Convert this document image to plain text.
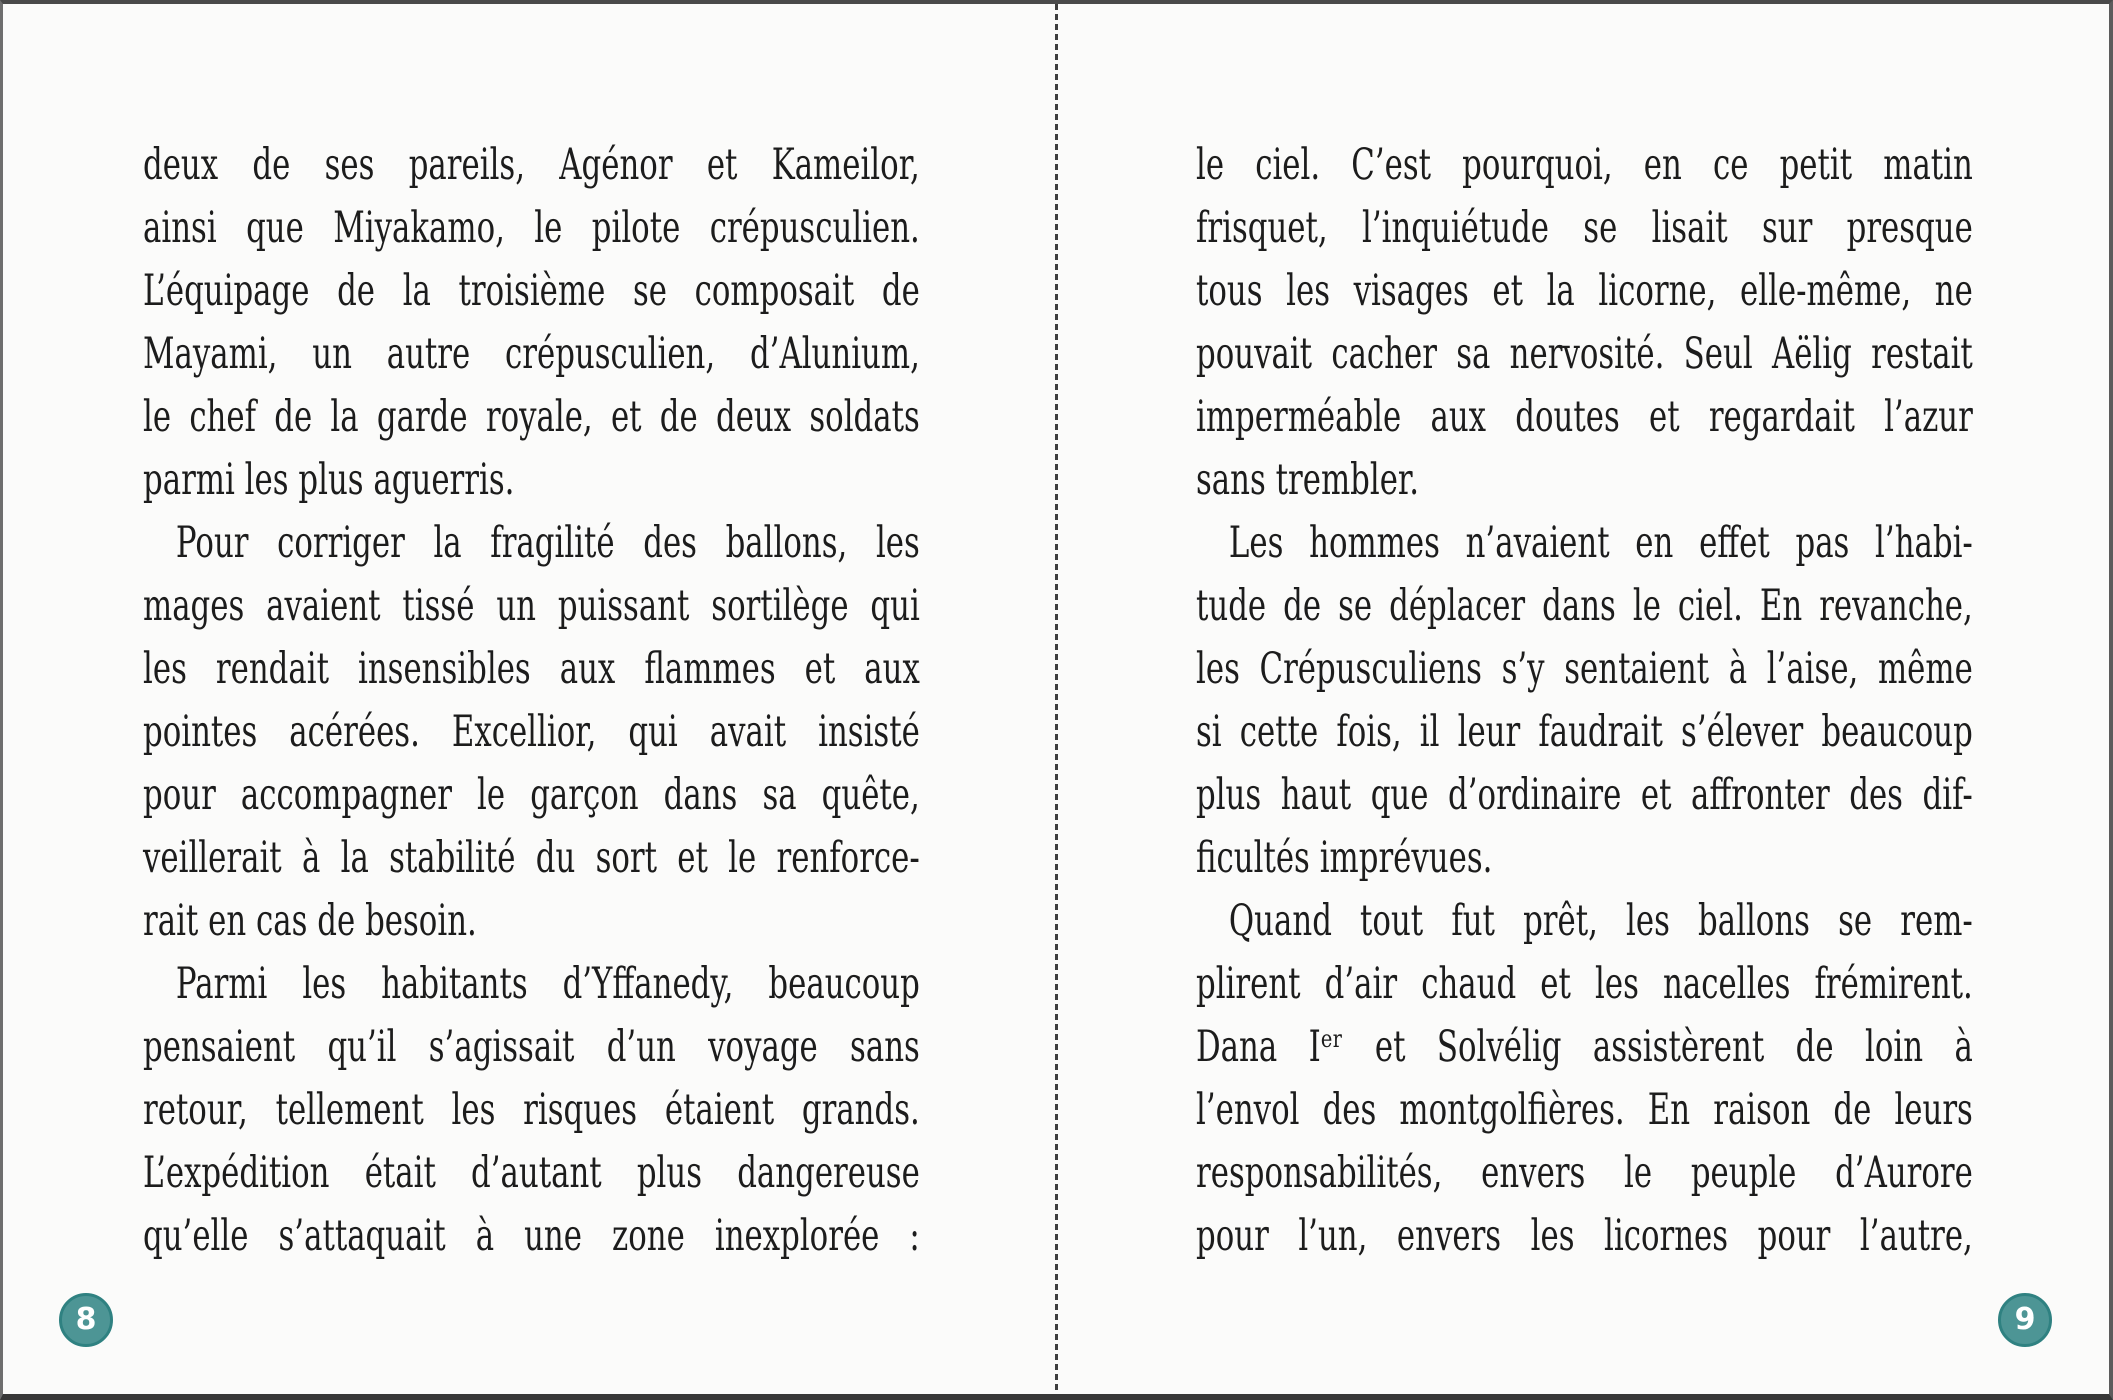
deux de ses pareils, Agénor et Kameilor,
ainsi que Miyakamo, le pilote crépusculien.
L’équipage de la troisième se composait de
Mayami, un autre crépusculien, d’Alunium,
le chef de la garde royale, et de deux soldats
parmi les plus aguerris.
Pour corriger la fragilité des ballons, les
mages avaient tissé un puissant sortilège qui
les rendait insensibles aux flammes et aux
pointes acérées. Excellior, qui avait insisté
pour accompagner le garçon dans sa quête,
veillerait à la stabilité du sort et le renforce-
rait en cas de besoin.
Parmi les habitants d’Yffanedy, beaucoup
pensaient qu’il s’agissait d’un voyage sans
retour, tellement les risques étaient grands.
L’expédition était d’autant plus dangereuse
qu’elle s’attaquait à une zone inexplorée :
le ciel. C’est pourquoi, en ce petit matin
frisquet, l’inquiétude se lisait sur presque
tous les visages et la licorne, elle-même, ne
pouvait cacher sa nervosité. Seul Aëlig restait
imperméable aux doutes et regardait l’azur
sans trembler.
Les hommes n’avaient en effet pas l’habi-
tude de se déplacer dans le ciel. En revanche,
les Crépusculiens s’y sentaient à l’aise, même
si cette fois, il leur faudrait s’élever beaucoup
plus haut que d’ordinaire et affronter des dif-
ficultés imprévues.
Quand tout fut prêt, les ballons se rem-
plirent d’air chaud et les nacelles frémirent.
Dana Iᵉʳ et Solvélig assistèrent de loin à
l’envol des montgolfières. En raison de leurs
responsabilités, envers le peuple d’Aurore
pour l’un, envers les licornes pour l’autre,
8	9
